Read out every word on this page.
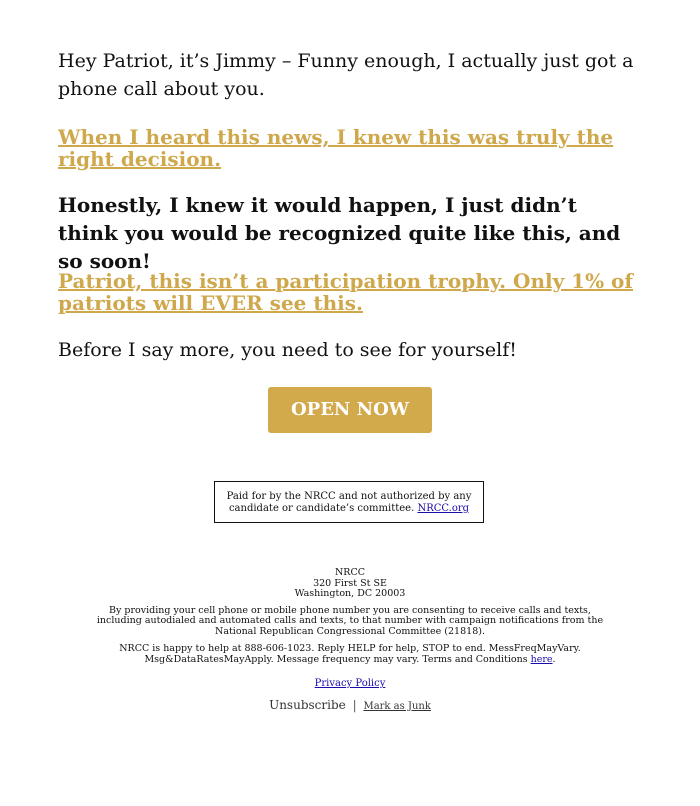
Hey Patriot, it’s Jimmy – Funny enough, I actually just got a phone call about you.

When I heard this news, I knew this was truly the right decision.

Honestly, I knew it would happen, I just didn’t think you would be recognized quite like this, and so soon!

Patriot, this isn’t a participation trophy. Only 1% of patriots will EVER see this.

Before I say more, you need to see for yourself!

OPEN NOW
Paid for by the NRCC and not authorized by any candidate or candidate’s committee. NRCC.org

NRCC

320 First St SE

Washington, DC 20003

By providing your cell phone or mobile phone number you are consenting to receive calls and texts, including autodialed and automated calls and texts, to that number with campaign notifications from the National Republican Congressional Committee (21818).

NRCC is happy to help at 888-606-1023. Reply HELP for help, STOP to end. MessFreqMayVary. Msg&DataRatesMayApply. Message frequency may vary. Terms and Conditions here.

Privacy Policy
Unsubscribe | Mark as Junk
